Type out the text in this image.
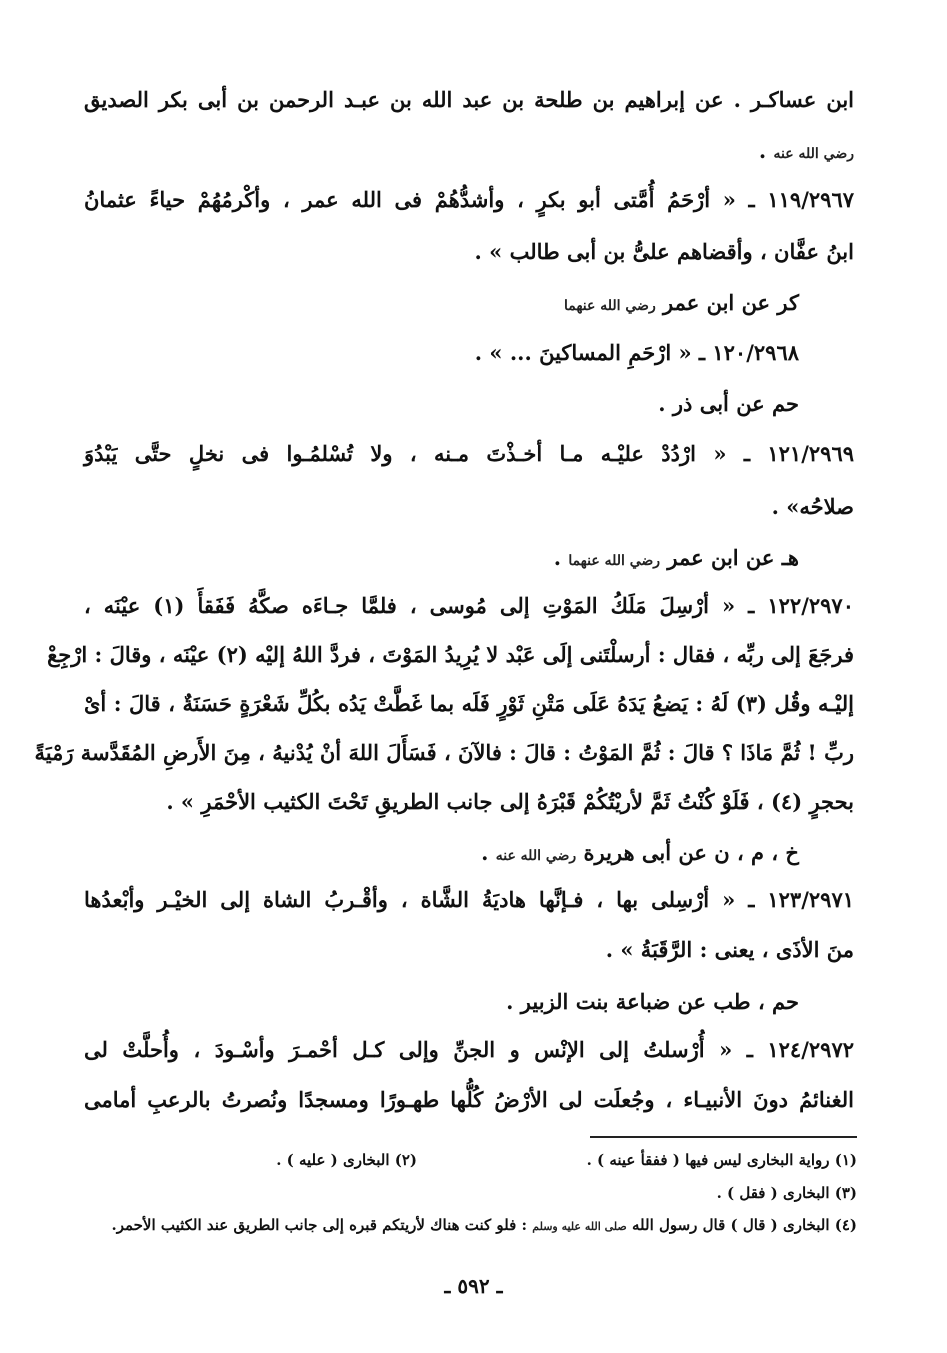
ابن عساكـر . عن إبراهيم بن طلحة بن عبد الله بن عبـد الرحمن بن أبى بكر الصديق
رضي الله عنه .
١١٩/٢٩٦٧ ـ « أرْحَمُ أُمَّتى أبو بكرٍ ، وأشدُّهُمْ فى الله عمر ، وأكْرمُهُمْ حياءً عثمانُ
ابنُ عفَّان ، وأقضاهم علىُّ بن أبى طالب » .
كر عن ابن عمر رضي الله عنهما
١٢٠/٢٩٦٨ ـ « ارْحَمِ المساكينَ ... » .
حم عن أبى ذر .
١٢١/٢٩٦٩ ـ « ارْدُدْ عليْـه مـا أخـذْتَ مـنه ، ولا تُسْلمُـوا فى نخلٍ حتَّى يَبْدُوَ
صلاحُه» .
هـ عن ابن عمر رضي الله عنهما .
١٢٢/٢٩٧٠ ـ « أرْسِلَ مَلَكُ المَوْتِ إلى مُوسى ، فلمَّا جـاءَه صكَّهُ فَفَقأَ (١) عيْنَه ،
فرجَعَ إلى ربِّه ، فقال : أرسلْتَنى إلَى عَبْد لا يُرِيدُ المَوْتَ ، فردَّ اللهُ إليْه (٢) عيْنَه ، وقالَ : ارْجِعْ
إليْـه وقُل (٣) لَهُ : يَضعُ يَدَهُ عَلَى مَتْنِ ثَوْرٍ فَلَه بما غَطَّتْ يَدُه بكُلِّ شَعْرَةٍ حَسَنَةٌ ، قالَ : أىْ
ربِّ ! ثُمَّ مَاذَا ؟ قالَ : ثُمَّ المَوْتُ : قالَ : فالآنَ ، فَسَأَلَ اللهَ أنْ يُدْنيهُ ، مِنَ الأَرضِ المُقَدَّسة رَمْيَةً
بحجرٍ (٤) ، فَلَوْ كُنْتُ ثَمَّ لأريْتُكُمْ قَبْرَهُ إلى جانب الطريقِ تَحْتَ الكثيب الأحْمَرِ » .
خ ، م ، ن عن أبى هريرة رضي الله عنه .
١٢٣/٢٩٧١ ـ « أرْسِلى بها ، فـإنَّها هاديَةُ الشَّاة ، وأقْـربُ الشاة إلى الخيْـر وأبْعدُها
منَ الأذَى ، يعنى : الرَّقَبَةُ » .
حم ، طب عن ضباعة بنت الزبير .
١٢٤/٢٩٧٢ ـ « أُرْسلتُ إلى الإنْس و الجنِّ وإلى كـل أحْمـرَ وأسْـودَ ، وأُحلَّتْ لى
الغنائمُ دونَ الأنبيـاء ، وجُعلَت لى الأرْضُ كُلُّها طهـورًا ومسجدًا ونُصرتُ بالرعبِ أمامى
(١) رواية البخارى ليس فيها ( ففقأ عينه ) .
(٢) البخارى ( عليه ) .
(٣) البخارى ( فقل ) .
(٤) البخارى ( قال ) قال رسول الله صلى الله عليه وسلم : فلو كنت هناك لأريتكم قبره إلى جانب الطريق عند الكثيب الأحمر.
ـ ٥٩٢ ـ
